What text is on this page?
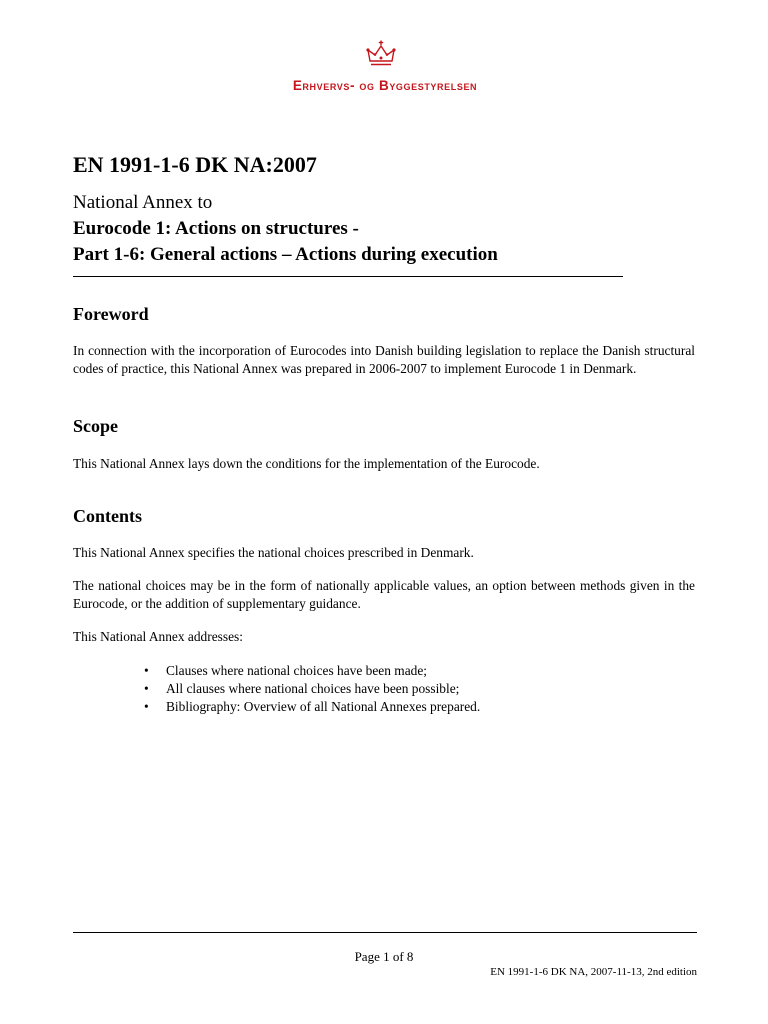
Erhvervs- og Byggestyrelsen
EN 1991-1-6 DK NA:2007
National Annex to
Eurocode 1: Actions on structures -
Part 1-6: General actions – Actions during execution
Foreword

In connection with the incorporation of Eurocodes into Danish building legislation to replace the Danish structural codes of practice, this National Annex was prepared in 2006-2007 to implement Eurocode 1 in Denmark.

Scope

This National Annex lays down the conditions for the implementation of the Eurocode.

Contents

This National Annex specifies the national choices prescribed in Denmark.

The national choices may be in the form of nationally applicable values, an option between methods given in the Eurocode, or the addition of supplementary guidance.

This National Annex addresses:

• Clauses where national choices have been made;
• All clauses where national choices have been possible;
• Bibliography: Overview of all National Annexes prepared.
Page 1 of 8
EN 1991-1-6 DK NA, 2007-11-13, 2nd edition
